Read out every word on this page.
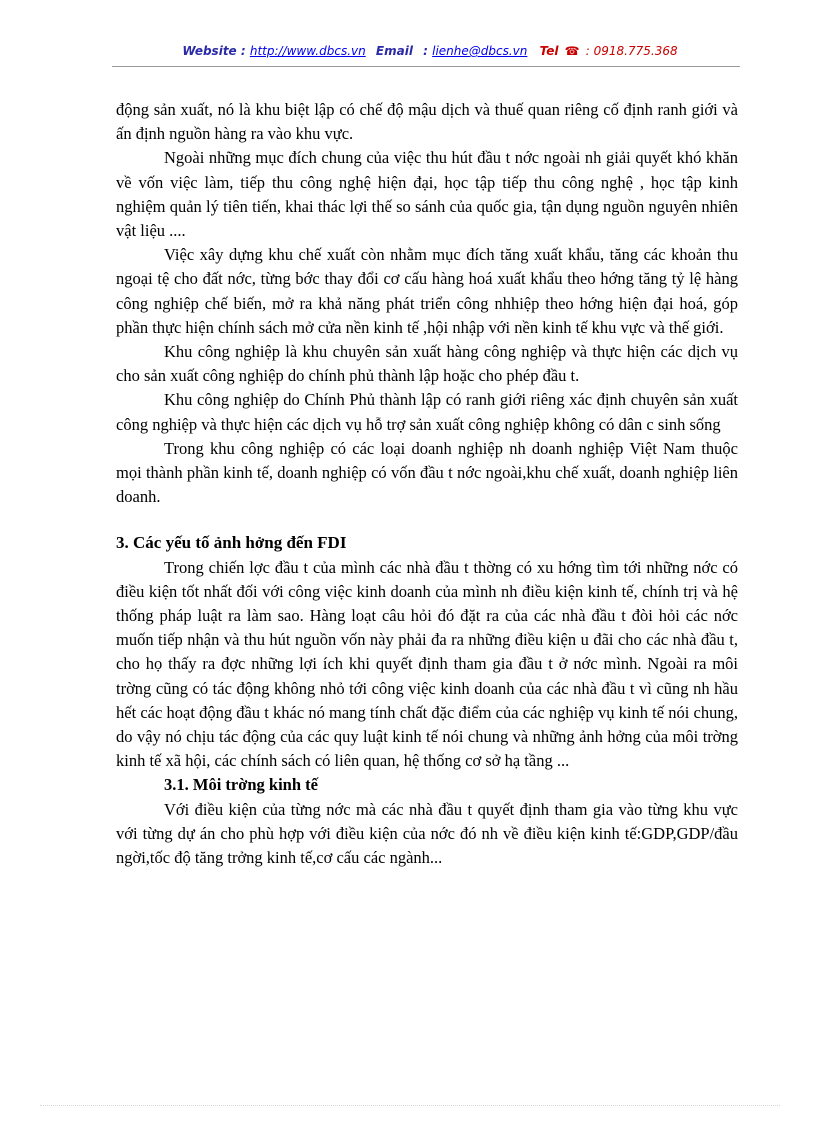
Website : http://www.dbcs.vn Email : lienhe@dbcs.vn Tel ☎ : 0918.775.368

động sản xuất, nó là khu biệt lập có chế độ mậu dịch và thuế quan riêng cố định ranh giới và ấn định nguồn hàng ra vào khu vực.

Ngoài những mục đích chung của việc thu hút đầu t nớc ngoài nh giải quyết khó khăn về vốn việc làm, tiếp thu công nghệ hiện đại, học tập tiếp thu công nghệ , học tập kinh nghiệm quản lý tiên tiến, khai thác lợi thế so sánh của quốc gia, tận dụng nguồn nguyên nhiên vật liệu ....

Việc xây dựng khu chế xuất còn nhằm mục đích tăng xuất khẩu, tăng các khoản thu ngoại tệ cho đất nớc, từng bớc thay đổi cơ cấu hàng hoá xuất khẩu theo hớng tăng tỷ lệ hàng công nghiệp chế biến, mở ra khả năng phát triển công nhhiệp theo hớng hiện đại hoá, góp phần thực hiện chính sách mở cửa nền kinh tế ,hội nhập với nền kinh tế khu vực và thế giới.

Khu công nghiệp là khu chuyên sản xuất hàng công nghiệp và thực hiện các dịch vụ cho sản xuất công nghiệp do chính phủ thành lập hoặc cho phép đầu t.

Khu công nghiệp do Chính Phủ thành lập có ranh giới riêng xác định chuyên sản xuất công nghiệp và thực hiện các dịch vụ hỗ trợ sản xuất công nghiệp không có dân c sinh sống

Trong khu công nghiệp có các loại doanh nghiệp nh doanh nghiệp Việt Nam thuộc mọi thành phần kinh tế, doanh nghiệp có vốn đầu t nớc ngoài,khu chế xuất, doanh nghiệp liên doanh.

3. Các yếu tố ảnh hởng đến FDI

Trong chiến lợc đầu t của mình các nhà đầu t thờng có xu hớng tìm tới những nớc có điều kiện tốt nhất đối với công việc kinh doanh của mình nh điều kiện kinh tế, chính trị và hệ thống pháp luật ra làm sao. Hàng loạt câu hỏi đó đặt ra của các nhà đầu t đòi hỏi các nớc muốn tiếp nhận và thu hút nguồn vốn này phải đa ra những điều kiện u đãi cho các nhà đầu t, cho họ thấy ra đợc những lợi ích khi quyết định tham gia đầu t ở nớc mình. Ngoài ra môi trờng cũng có tác động không nhỏ tới công việc kinh doanh của các nhà đầu t vì cũng nh hầu hết các hoạt động đầu t khác nó mang tính chất đặc điểm của các nghiệp vụ kinh tế nói chung, do vậy nó chịu tác động của các quy luật kinh tế nói chung và những ảnh hởng của môi trờng kinh tế xã hội, các chính sách có liên quan, hệ thống cơ sở hạ tầng ...

3.1. Môi trờng kinh tế

Với điều kiện của từng nớc mà các nhà đầu t quyết định tham gia vào từng khu vực với từng dự án cho phù hợp với điều kiện của nớc đó nh về điều kiện kinh tế:GDP,GDP/đầu ngời,tốc độ tăng trởng kinh tế,cơ cấu các ngành...
